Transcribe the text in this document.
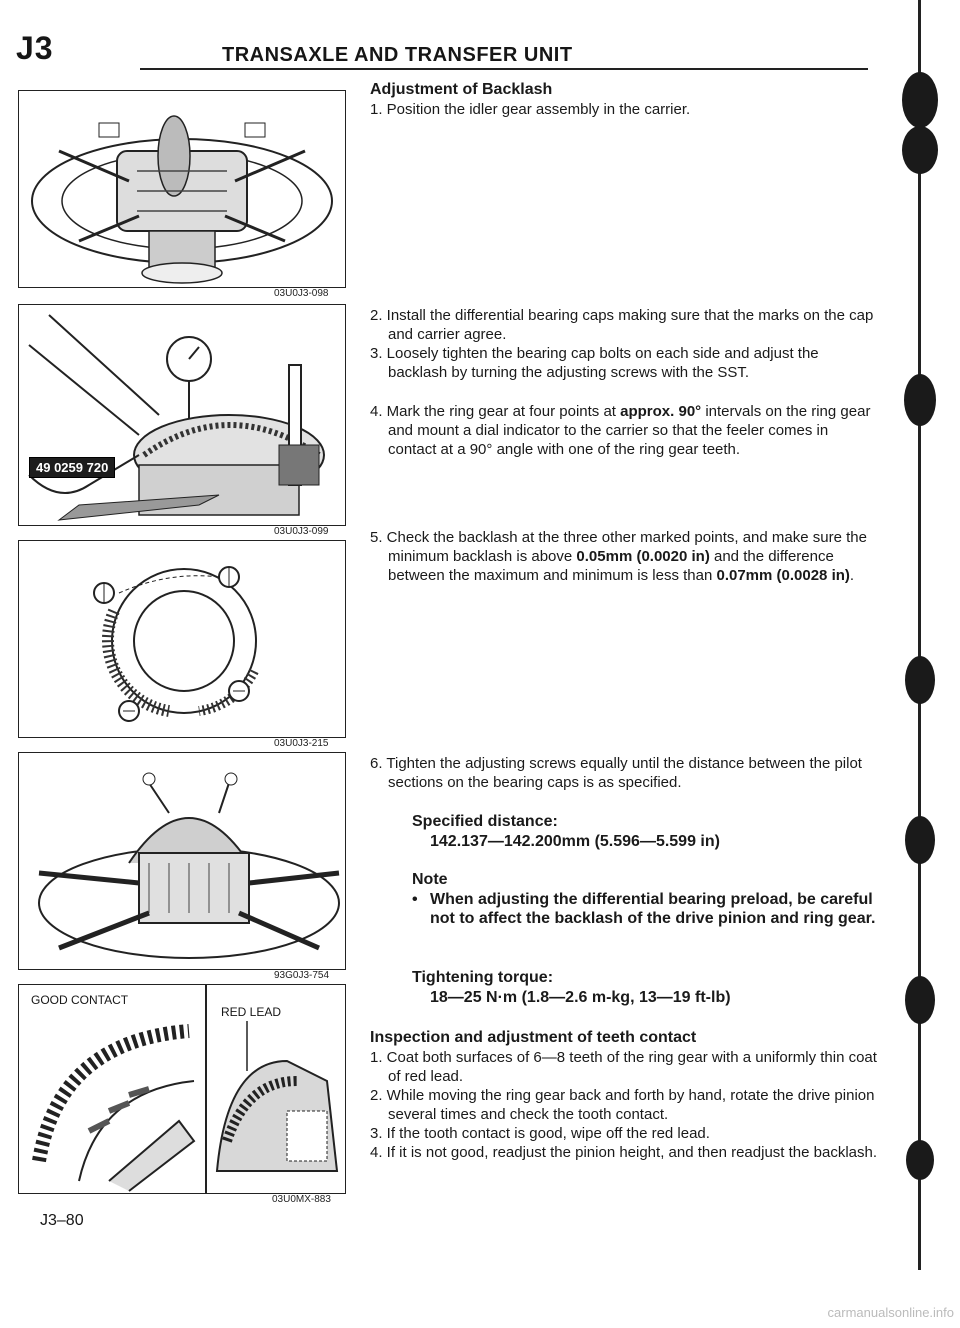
J3	TRANSAXLE AND TRANSFER UNIT
03U0J3-098
49 0259 720
03U0J3-099
03U0J3-215
93G0J3-754
GOOD CONTACT
RED LEAD
03U0MX-883
Adjustment of Backlash
1. Position the idler gear assembly in the carrier.
2. Install the differential bearing caps making sure that the marks on the cap and carrier agree.
3. Loosely tighten the bearing cap bolts on each side and adjust the backlash by turning the adjusting screws with the SST.
4. Mark the ring gear at four points at approx. 90° intervals on the ring gear and mount a dial indicator to the carrier so that the feeler comes in contact at a 90° angle with one of the ring gear teeth.
5. Check the backlash at the three other marked points, and make sure the minimum backlash is above 0.05mm (0.0020 in) and the difference between the maximum and minimum is less than 0.07mm (0.0028 in).
6. Tighten the adjusting screws equally until the distance between the pilot sections on the bearing caps is as specified.
Specified distance:
142.137—142.200mm (5.596—5.599 in)
Note
• When adjusting the differential bearing preload, be careful not to affect the backlash of the drive pinion and ring gear.
Tightening torque:
18—25 N·m (1.8—2.6 m-kg, 13—19 ft-lb)
Inspection and adjustment of teeth contact
1. Coat both surfaces of 6—8 teeth of the ring gear with a uniformly thin coat of red lead.
2. While moving the ring gear back and forth by hand, rotate the drive pinion several times and check the tooth contact.
3. If the tooth contact is good, wipe off the red lead.
4. If it is not good, readjust the pinion height, and then readjust the backlash.
J3–80
carmanualsonline.info
